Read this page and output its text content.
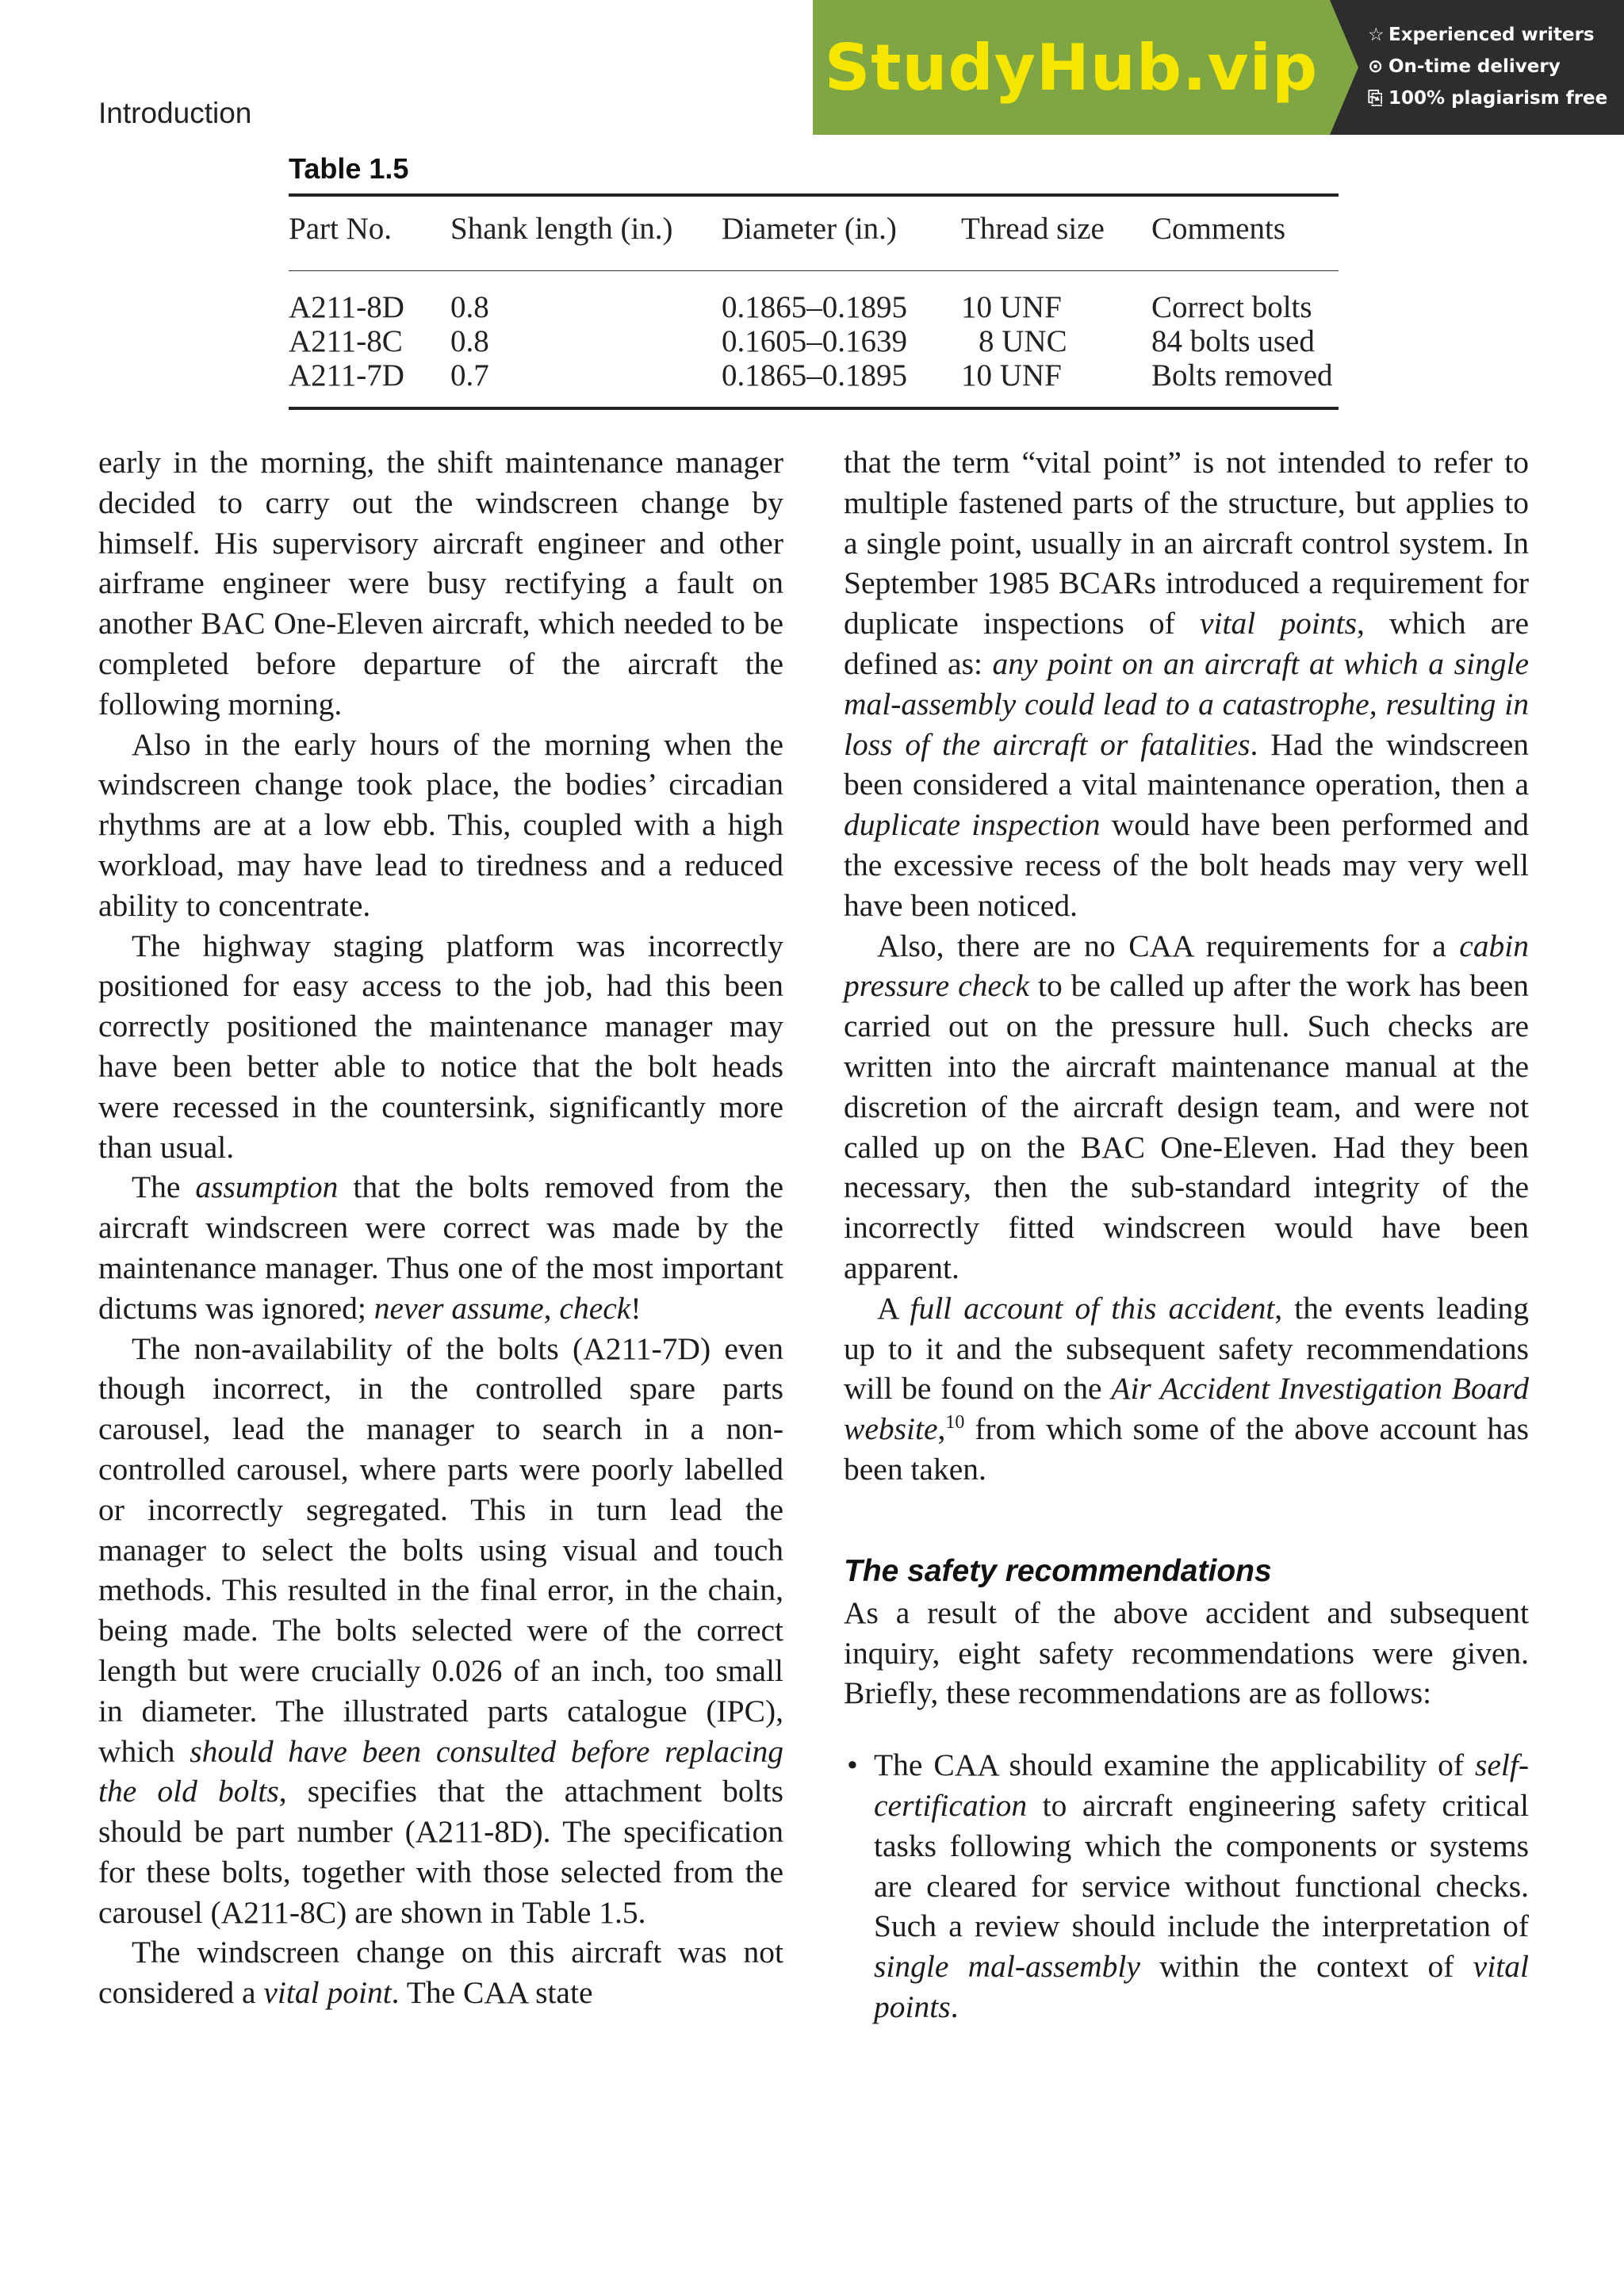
Introduction
StudyHub.vip	☆ Experienced writers
⊙ On-time delivery
⎘ 100% plagiarism free
Table 1.5
Part No.	Shank length (in.)	Diameter (in.)	Thread size	Comments
A211-8D	0.8	0.1865–0.1895	10 UNF	Correct bolts
A211-8C	0.8	0.1605–0.1639	8 UNC	84 bolts used
A211-7D	0.7	0.1865–0.1895	10 UNF	Bolts removed

early in the morning, the shift maintenance manager decided to carry out the windscreen change by himself. His supervisory aircraft engineer and other airframe engineer were busy rectifying a fault on another BAC One-Eleven aircraft, which needed to be completed before departure of the aircraft the following morning.

Also in the early hours of the morning when the windscreen change took place, the bodies’ circadian rhythms are at a low ebb. This, coupled with a high workload, may have lead to tiredness and a reduced ability to concentrate.

The highway staging platform was incorrectly positioned for easy access to the job, had this been correctly positioned the maintenance manager may have been better able to notice that the bolt heads were recessed in the countersink, significantly more than usual.

The assumption that the bolts removed from the aircraft windscreen were correct was made by the maintenance manager. Thus one of the most important dictums was ignored; never assume, check!

The non-availability of the bolts (A211-7D) even though incorrect, in the controlled spare parts carousel, lead the manager to search in a non-controlled carousel, where parts were poorly labelled or incorrectly segregated. This in turn lead the manager to select the bolts using visual and touch methods. This resulted in the final error, in the chain, being made. The bolts selected were of the correct length but were crucially 0.026 of an inch, too small in diameter. The illustrated parts catalogue (IPC), which should have been consulted before replacing the old bolts, specifies that the attachment bolts should be part number (A211-8D). The specification for these bolts, together with those selected from the carousel (A211-8C) are shown in Table 1.5.

The windscreen change on this aircraft was not considered a vital point. The CAA state

that the term “vital point” is not intended to refer to multiple fastened parts of the structure, but applies to a single point, usually in an aircraft control system. In September 1985 BCARs introduced a requirement for duplicate inspections of vital points, which are defined as: any point on an aircraft at which a single mal-assembly could lead to a catastrophe, resulting in loss of the aircraft or fatalities. Had the windscreen been considered a vital maintenance operation, then a duplicate inspection would have been performed and the excessive recess of the bolt heads may very well have been noticed.

Also, there are no CAA requirements for a cabin pressure check to be called up after the work has been carried out on the pressure hull. Such checks are written into the aircraft maintenance manual at the discretion of the aircraft design team, and were not called up on the BAC One-Eleven. Had they been necessary, then the sub-standard integrity of the incorrectly fitted windscreen would have been apparent.

A full account of this accident, the events leading up to it and the subsequent safety recommendations will be found on the Air Accident Investigation Board website,$^{10}$ from which some of the above account has been taken.

The safety recommendations

As a result of the above accident and subsequent inquiry, eight safety recommendations were given. Briefly, these recommendations are as follows:

• The CAA should examine the applicability of self-certification to aircraft engineering safety critical tasks following which the components or systems are cleared for service without functional checks. Such a review should include the interpretation of single mal-assembly within the context of vital points.
